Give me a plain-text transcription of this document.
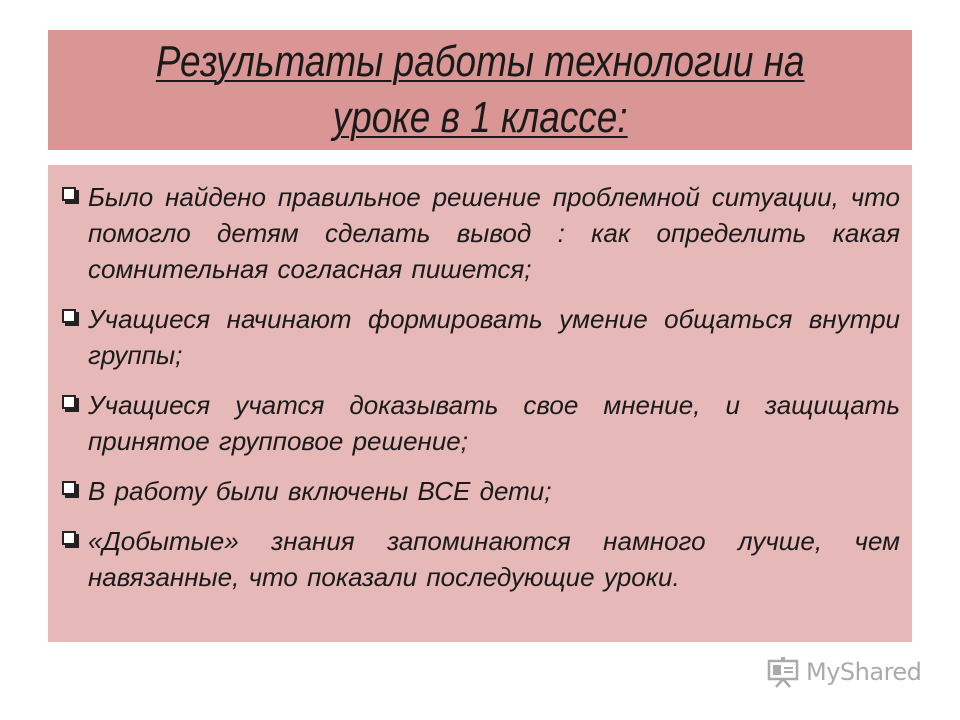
Результаты работы технологии на
уроке в 1 классе:
Было найдено правильное решение проблемной ситуации, что помогло детям сделать вывод : как определить какая сомнительная согласная пишется;
Учащиеся начинают формировать умение общаться внутри группы;
Учащиеся учатся доказывать свое мнение, и защищать принятое групповое решение;
В работу были включены ВСЕ дети;
«Добытые» знания запоминаются намного лучше, чем навязанные, что показали последующие уроки.
MyShared
